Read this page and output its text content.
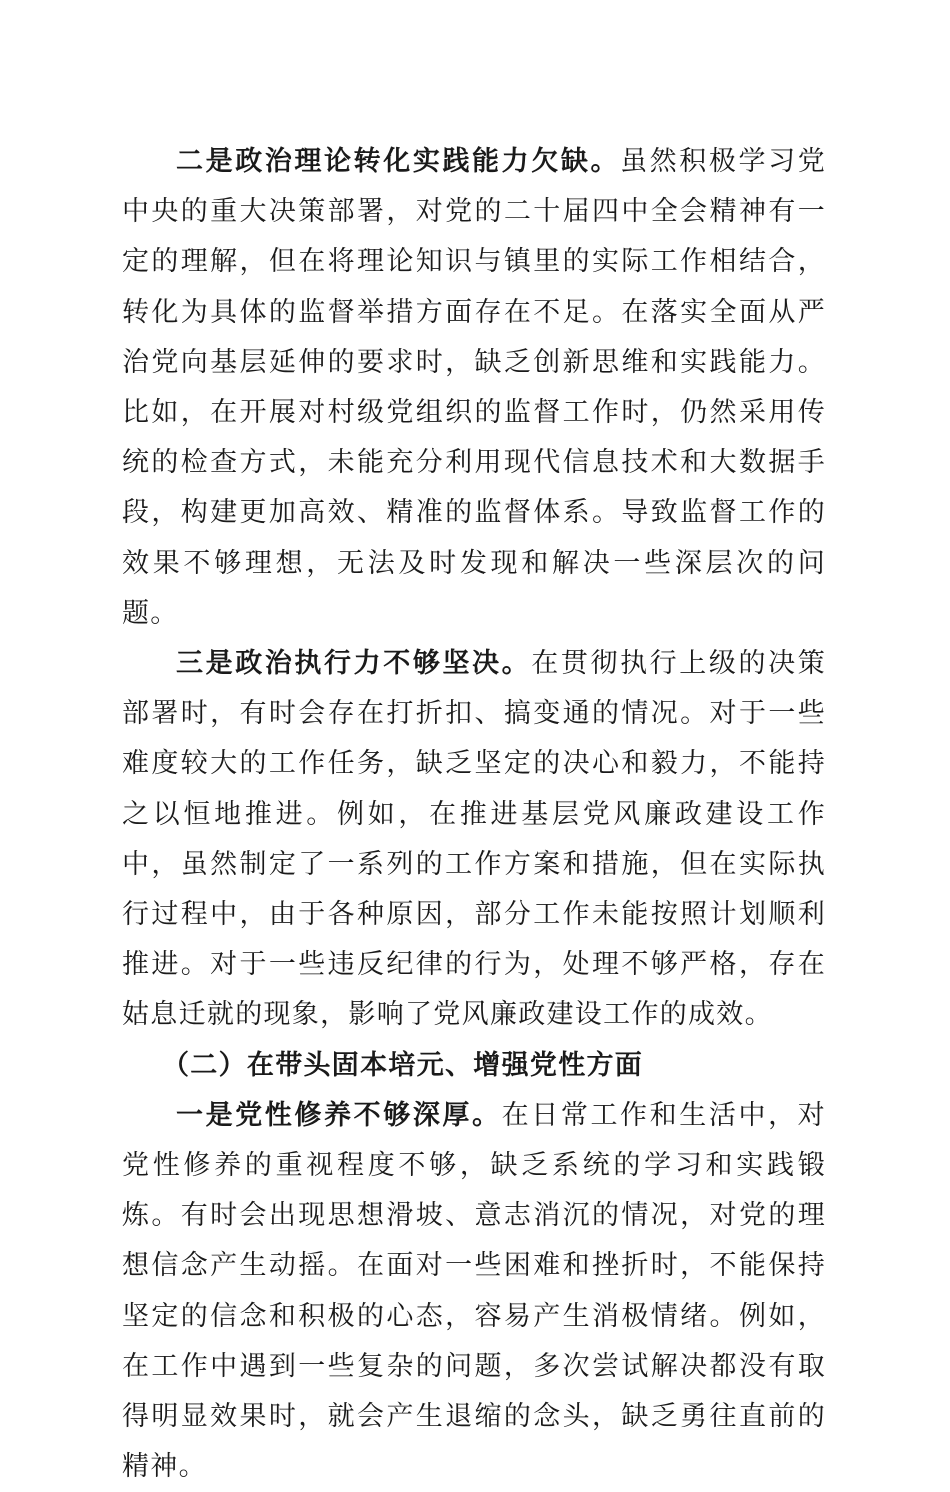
二是政治理论转化实践能力欠缺。虽然积极学习党中央的重大决策部署，对党的二十届四中全会精神有一定的理解，但在将理论知识与镇里的实际工作相结合，转化为具体的监督举措方面存在不足。在落实全面从严治党向基层延伸的要求时，缺乏创新思维和实践能力。比如，在开展对村级党组织的监督工作时，仍然采用传统的检查方式，未能充分利用现代信息技术和大数据手段，构建更加高效、精准的监督体系。导致监督工作的效果不够理想，无法及时发现和解决一些深层次的问题。

三是政治执行力不够坚决。在贯彻执行上级的决策部署时，有时会存在打折扣、搞变通的情况。对于一些难度较大的工作任务，缺乏坚定的决心和毅力，不能持之以恒地推进。例如，在推进基层党风廉政建设工作中，虽然制定了一系列的工作方案和措施，但在实际执行过程中，由于各种原因，部分工作未能按照计划顺利推进。对于一些违反纪律的行为，处理不够严格，存在姑息迁就的现象，影响了党风廉政建设工作的成效。

（二）在带头固本培元、增强党性方面

一是党性修养不够深厚。在日常工作和生活中，对党性修养的重视程度不够，缺乏系统的学习和实践锻炼。有时会出现思想滑坡、意志消沉的情况，对党的理想信念产生动摇。在面对一些困难和挫折时，不能保持坚定的信念和积极的心态，容易产生消极情绪。例如，在工作中遇到一些复杂的问题，多次尝试解决都没有取得明显效果时，就会产生退缩的念头，缺乏勇往直前的精神。
